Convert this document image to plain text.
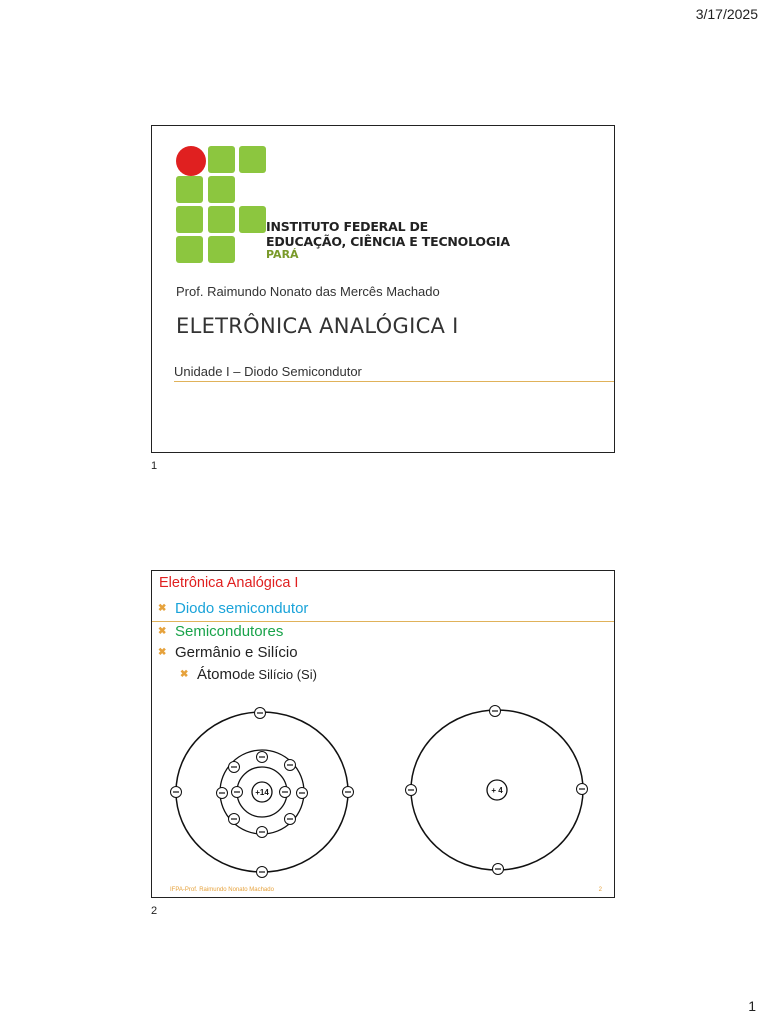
3/17/2025
INSTITUTO FEDERAL DE
EDUCAÇÃO, CIÊNCIA E TECNOLOGIA
PARÁ
Prof. Raimundo Nonato das Mercês Machado
ELETRÔNICA ANALÓGICA I
Unidade I – Diodo Semicondutor
1
Eletrônica Analógica I
✖ Diodo semicondutor
✖ Semicondutores
✖ Germânio e Silício
✖ Átomo de Silício (Si)
+14	+ 4
IFPA-Prof. Raimundo Nonato Machado	2
2
1
